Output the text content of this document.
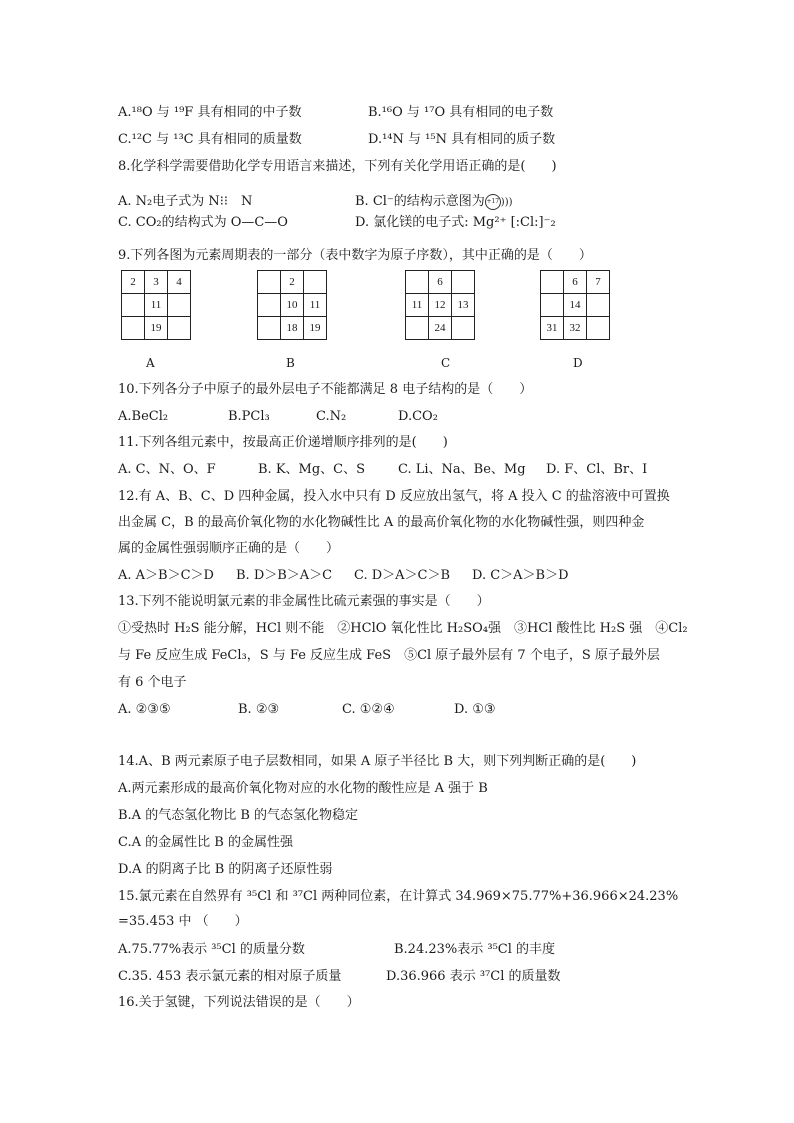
A.¹⁸O 与 ¹⁹F 具有相同的中子数	B.¹⁶O 与 ¹⁷O 具有相同的电子数
C.¹²C 与 ¹³C 具有相同的质量数	D.¹⁴N 与 ¹⁵N 具有相同的质子数
8.化学科学需要借助化学专用语言来描述，下列有关化学用语正确的是(　　)
A. N₂电子式为 N⁝⁝　N	B. Cl⁻的结构示意图为 +17 )))
C. CO₂的结构式为 O—C—O	D. 氯化镁的电子式: Mg²⁺ [:Cl:]⁻₂
9.下列各图为元素周期表的一部分（表中数字为原子序数），其中正确的是（　　）
2	3	4
	11	
	19	
	2	
	10	11
	18	19
	6	
11	12	13
	24	
	6	7
	14	
31	32	
A	B	C	D
10.下列各分子中原子的最外层电子不能都满足 8 电子结构的是（　　）
A.BeCl₂	B.PCl₃	C.N₂	D.CO₂
11.下列各组元素中，按最高正价递增顺序排列的是(　　)
A. C、N、O、F	B. K、Mg、C、S	C. Li、Na、Be、Mg D. F、Cl、Br、I
12.有 A、B、C、D 四种金属，投入水中只有 D 反应放出氢气，将 A 投入 C 的盐溶液中可置换
出金属 C，B 的最高价氧化物的水化物碱性比 A 的最高价氧化物的水化物碱性强，则四种金
属的金属性强弱顺序正确的是（　　）
A. A＞B＞C＞D B. D＞B＞A＞C C. D＞A＞C＞B D. C＞A＞B＞D
13.下列不能说明氯元素的非金属性比硫元素强的事实是（　　）
①受热时 H₂S 能分解，HCl 则不能　②HClO 氧化性比 H₂SO₄强　③HCl 酸性比 H₂S 强　④Cl₂
与 Fe 反应生成 FeCl₃，S 与 Fe 反应生成 FeS　⑤Cl 原子最外层有 7 个电子，S 原子最外层
有 6 个电子
A. ②③⑤	B. ②③	C. ①②④	D. ①③
14.A、B 两元素原子电子层数相同，如果 A 原子半径比 B 大，则下列判断正确的是(　　)
A.两元素形成的最高价氧化物对应的水化物的酸性应是 A 强于 B
B.A 的气态氢化物比 B 的气态氢化物稳定
C.A 的金属性比 B 的金属性强
D.A 的阴离子比 B 的阴离子还原性弱
15.氯元素在自然界有 ³⁵Cl 和 ³⁷Cl 两种同位素，在计算式 34.969×75.77%+36.966×24.23%
=35.453 中 （　　）
A.75.77%表示 ³⁵Cl 的质量分数	B.24.23%表示 ³⁵Cl 的丰度
C.35. 453 表示氯元素的相对原子质量	D.36.966 表示 ³⁷Cl 的质量数
16.关于氢键，下列说法错误的是（　　）
